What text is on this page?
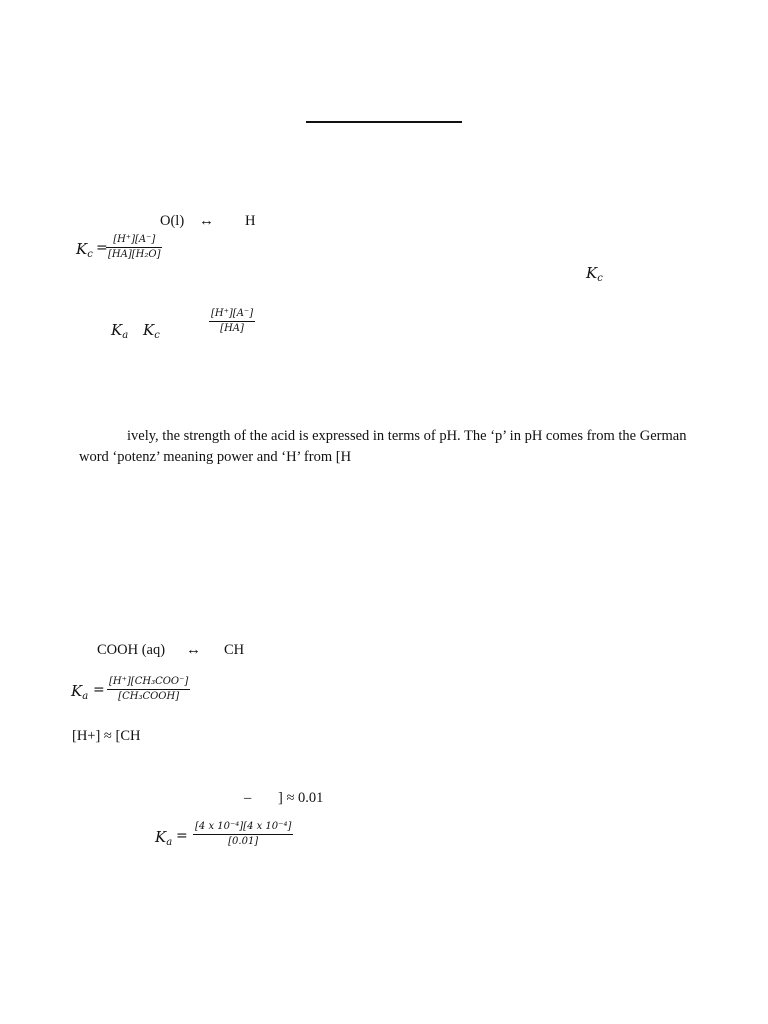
O(l) ↔ H
$K_c$ =
[H⁺][A⁻]
[HA][H₂O]
$K_c$
$K_a$ $K_c$
[H⁺][A⁻]
[HA]
ively, the strength of the acid is expressed in terms of pH. The ‘p’ in pH comes from the German
word ‘potenz’ meaning power and ‘H’ from [H
COOH (aq) ↔ CH
$K_a$ =
[H⁺][CH₃COO⁻]
[CH₃COOH]
[H+] ≈ [CH
– ] ≈ 0.01
$K_a$ =
[4 x 10⁻⁴][4 x 10⁻⁴]
[0.01]
